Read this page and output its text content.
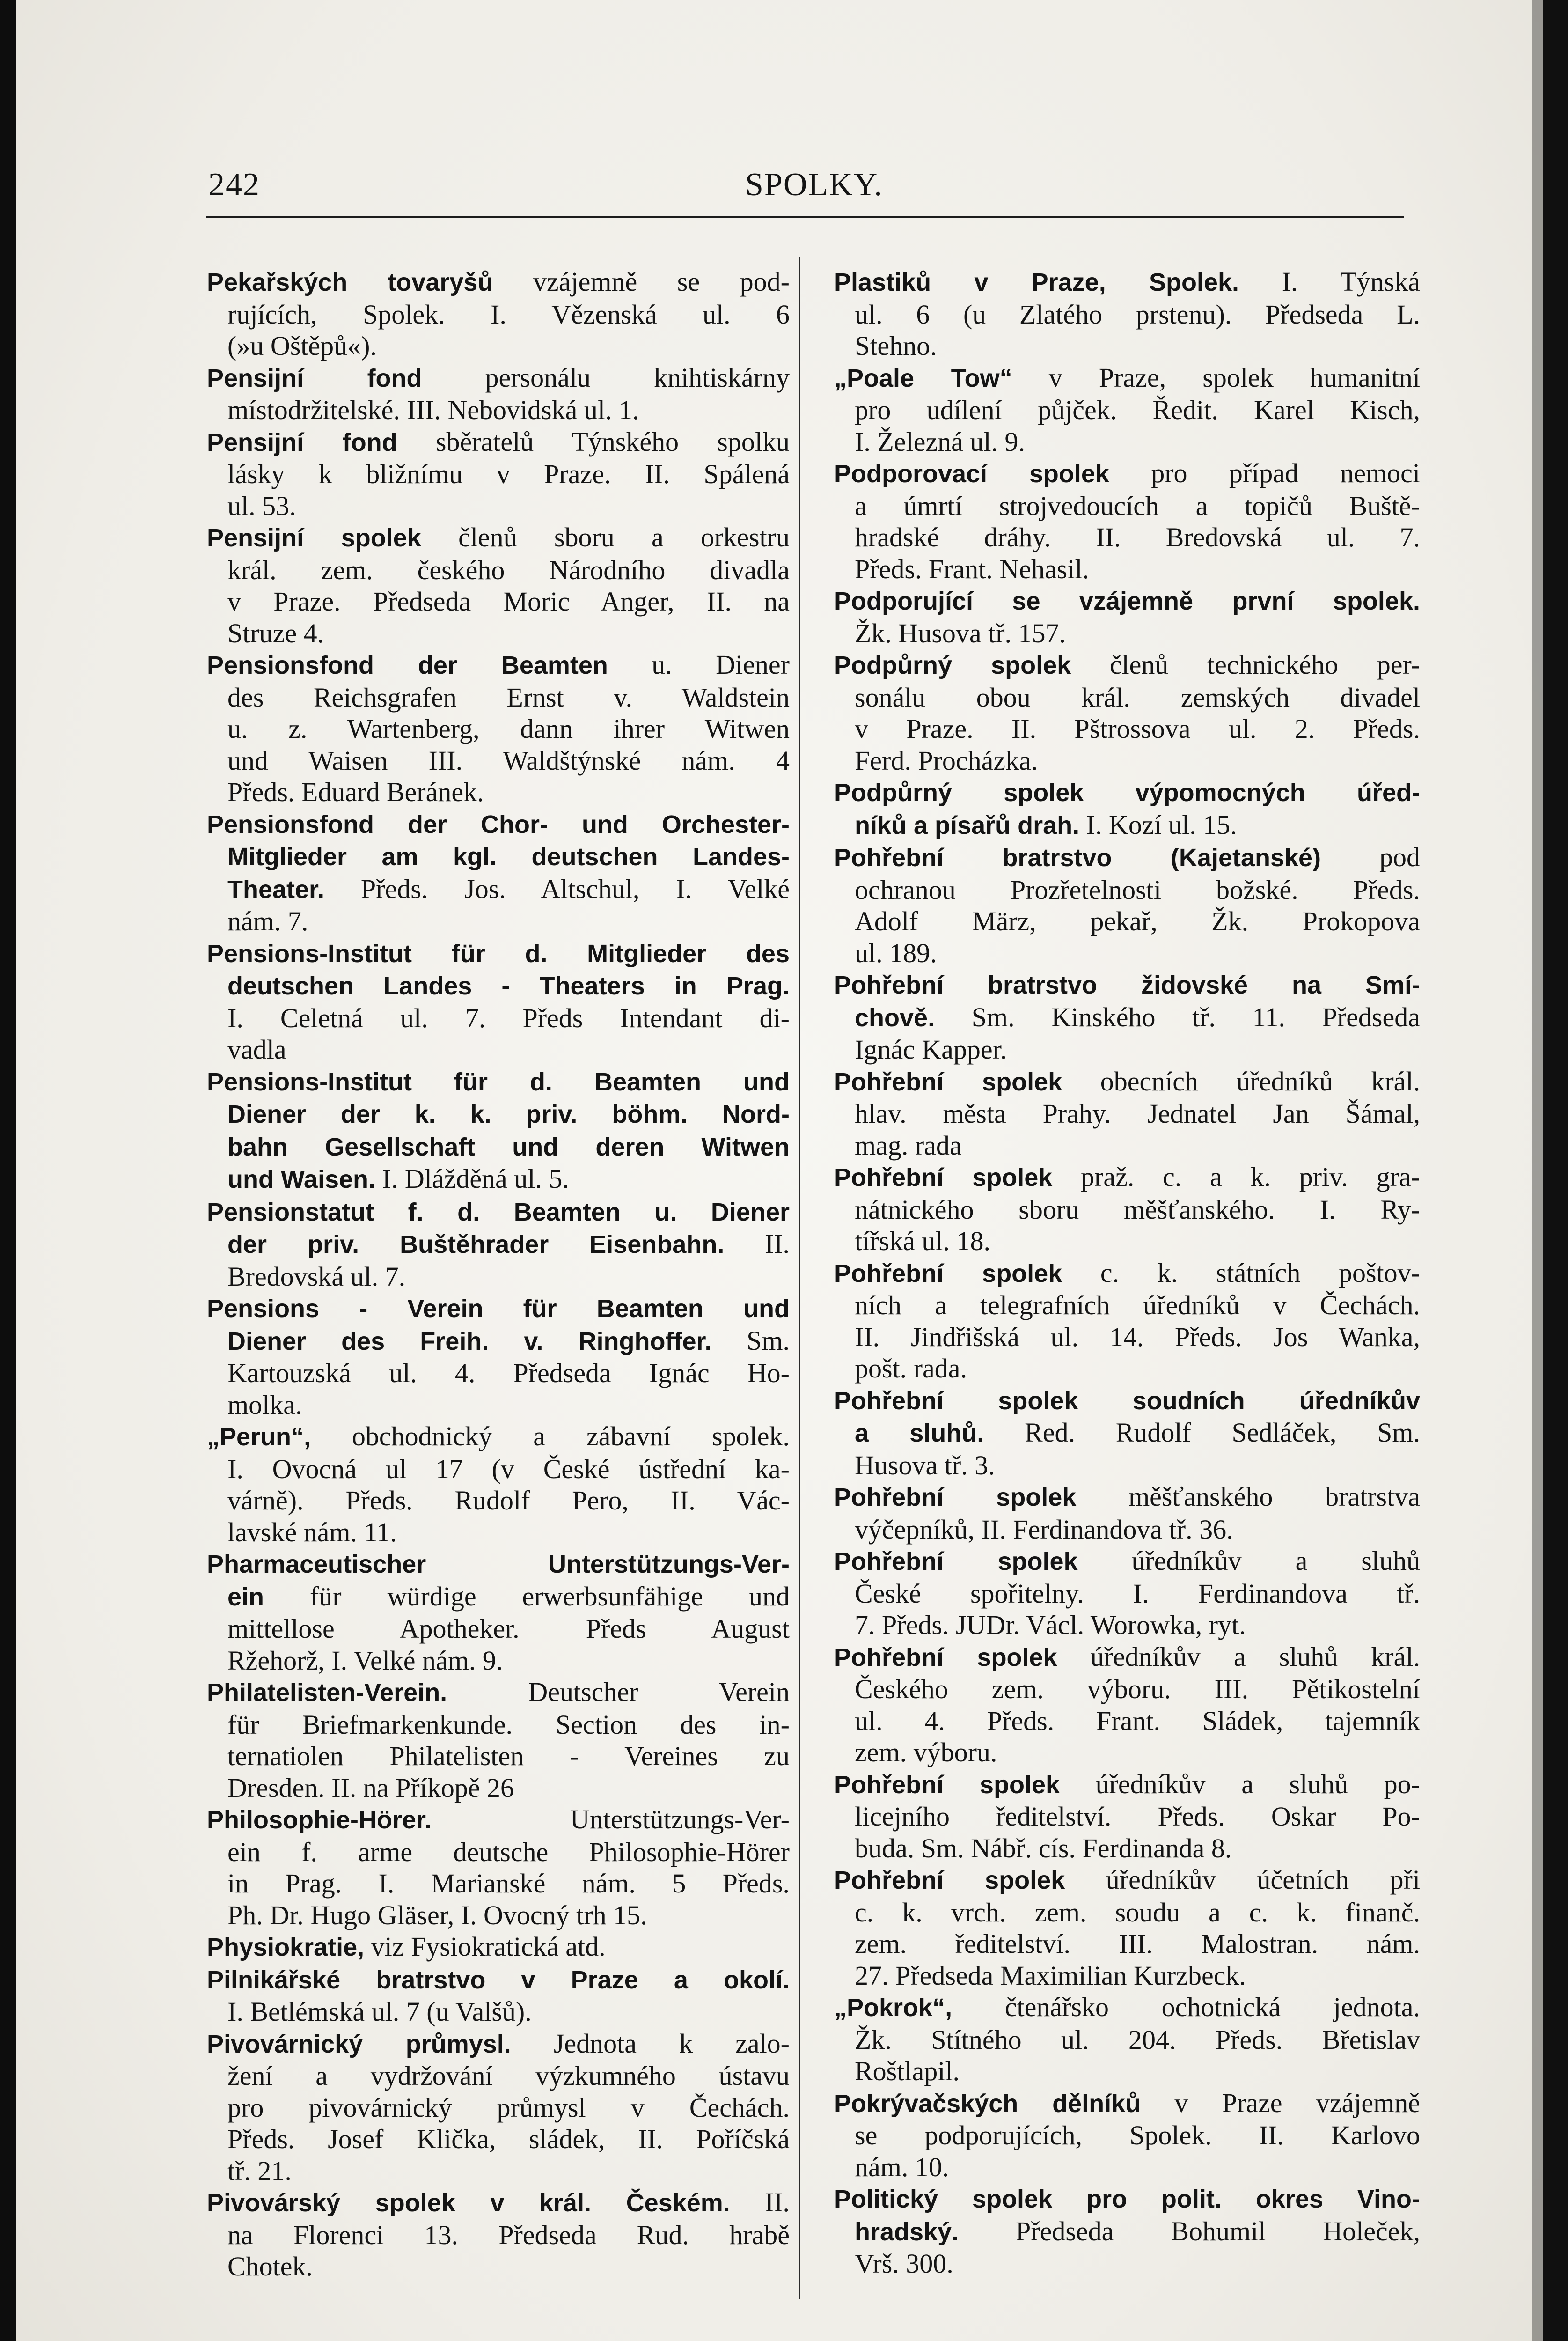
242	SPOLKY.
Pekařských tovaryšů vzájemně se pod-
rujících, Spolek. I. Vězenská ul. 6
(»u Oštěpů«).
Pensijní fond personálu knihtiskárny
místodržitelské. III. Nebovidská ul. 1.
Pensijní fond sběratelů Týnského spolku
lásky k bližnímu v Praze. II. Spálená
ul. 53.
Pensijní spolek členů sboru a orkestru
král. zem. českého Národního divadla
v Praze. Předseda Moric Anger, II. na
Struze 4.
Pensionsfond der Beamten u. Diener
des Reichsgrafen Ernst v. Waldstein
u. z. Wartenberg, dann ihrer Witwen
und Waisen III. Waldštýnské nám. 4
Předs. Eduard Beránek.
Pensionsfond der Chor- und Orchester-
Mitglieder am kgl. deutschen Landes-
Theater. Předs. Jos. Altschul, I. Velké
nám. 7.
Pensions-Institut für d. Mitglieder des
deutschen Landes - Theaters in Prag.
I. Celetná ul. 7. Předs Intendant di-
vadla
Pensions-Institut für d. Beamten und
Diener der k. k. priv. böhm. Nord-
bahn Gesellschaft und deren Witwen
und Waisen. I. Dlážděná ul. 5.
Pensionstatut f. d. Beamten u. Diener
der priv. Buštěhrader Eisenbahn. II.
Bredovská ul. 7.
Pensions - Verein für Beamten und
Diener des Freih. v. Ringhoffer. Sm.
Kartouzská ul. 4. Předseda Ignác Ho-
molka.
„Perun“, obchodnický a zábavní spolek.
I. Ovocná ul 17 (v České ústřední ka-
várně). Předs. Rudolf Pero, II. Vác-
lavské nám. 11.
Pharmaceutischer Unterstützungs-Ver-
ein für würdige erwerbsunfähige und
mittellose Apotheker. Předs August
Ržehorž, I. Velké nám. 9.
Philatelisten-Verein. Deutscher Verein
für Briefmarkenkunde. Section des in-
ternatiolen Philatelisten - Vereines zu
Dresden. II. na Příkopě 26
Philosophie-Hörer. Unterstützungs-Ver-
ein f. arme deutsche Philosophie-Hörer
in Prag. I. Marianské nám. 5 Předs.
Ph. Dr. Hugo Gläser, I. Ovocný trh 15.
Physiokratie, viz Fysiokratická atd.
Pilnikářské bratrstvo v Praze a okolí.
I. Betlémská ul. 7 (u Valšů).
Pivovárnický průmysl. Jednota k zalo-
žení a vydržování výzkumného ústavu
pro pivovárnický průmysl v Čechách.
Předs. Josef Klička, sládek, II. Poříčská
tř. 21.
Pivovárský spolek v král. Českém. II.
na Florenci 13. Předseda Rud. hrabě
Chotek.
Plastiků v Praze, Spolek. I. Týnská
ul. 6 (u Zlatého prstenu). Předseda L.
Stehno.
„Poale Tow“ v Praze, spolek humanitní
pro udílení půjček. Ředit. Karel Kisch,
I. Železná ul. 9.
Podporovací spolek pro případ nemoci
a úmrtí strojvedoucích a topičů Buště-
hradské dráhy. II. Bredovská ul. 7.
Předs. Frant. Nehasil.
Podporující se vzájemně první spolek.
Žk. Husova tř. 157.
Podpůrný spolek členů technického per-
sonálu obou král. zemských divadel
v Praze. II. Pštrossova ul. 2. Předs.
Ferd. Procházka.
Podpůrný spolek výpomocných úřed-
níků a písařů drah. I. Kozí ul. 15.
Pohřební bratrstvo (Kajetanské) pod
ochranou Prozřetelnosti božské. Předs.
Adolf März, pekař, Žk. Prokopova
ul. 189.
Pohřební bratrstvo židovské na Smí-
chově. Sm. Kinského tř. 11. Předseda
Ignác Kapper.
Pohřební spolek obecních úředníků král.
hlav. města Prahy. Jednatel Jan Šámal,
mag. rada
Pohřební spolek praž. c. a k. priv. gra-
nátnického sboru měšťanského. I. Ry-
tířská ul. 18.
Pohřební spolek c. k. státních poštov-
ních a telegrafních úředníků v Čechách.
II. Jindřišská ul. 14. Předs. Jos Wanka,
pošt. rada.
Pohřební spolek soudních úředníkův
a sluhů. Red. Rudolf Sedláček, Sm.
Husova tř. 3.
Pohřební spolek měšťanského bratrstva
výčepníků, II. Ferdinandova tř. 36.
Pohřební spolek úředníkův a sluhů
České spořitelny. I. Ferdinandova tř.
7. Předs. JUDr. Václ. Worowka, ryt.
Pohřební spolek úředníkův a sluhů král.
Českého zem. výboru. III. Pětikostelní
ul. 4. Předs. Frant. Sládek, tajemník
zem. výboru.
Pohřební spolek úředníkův a sluhů po-
licejního ředitelství. Předs. Oskar Po-
buda. Sm. Nábř. cís. Ferdinanda 8.
Pohřební spolek úředníkův účetních při
c. k. vrch. zem. soudu a c. k. finanč.
zem. ředitelství. III. Malostran. nám.
27. Předseda Maximilian Kurzbeck.
„Pokrok“, čtenářsko ochotnická jednota.
Žk. Stítného ul. 204. Předs. Břetislav
Roštlapil.
Pokrývačských dělníků v Praze vzájemně
se podporujících, Spolek. II. Karlovo
nám. 10.
Politický spolek pro polit. okres Vino-
hradský. Předseda Bohumil Holeček,
Vrš. 300.
